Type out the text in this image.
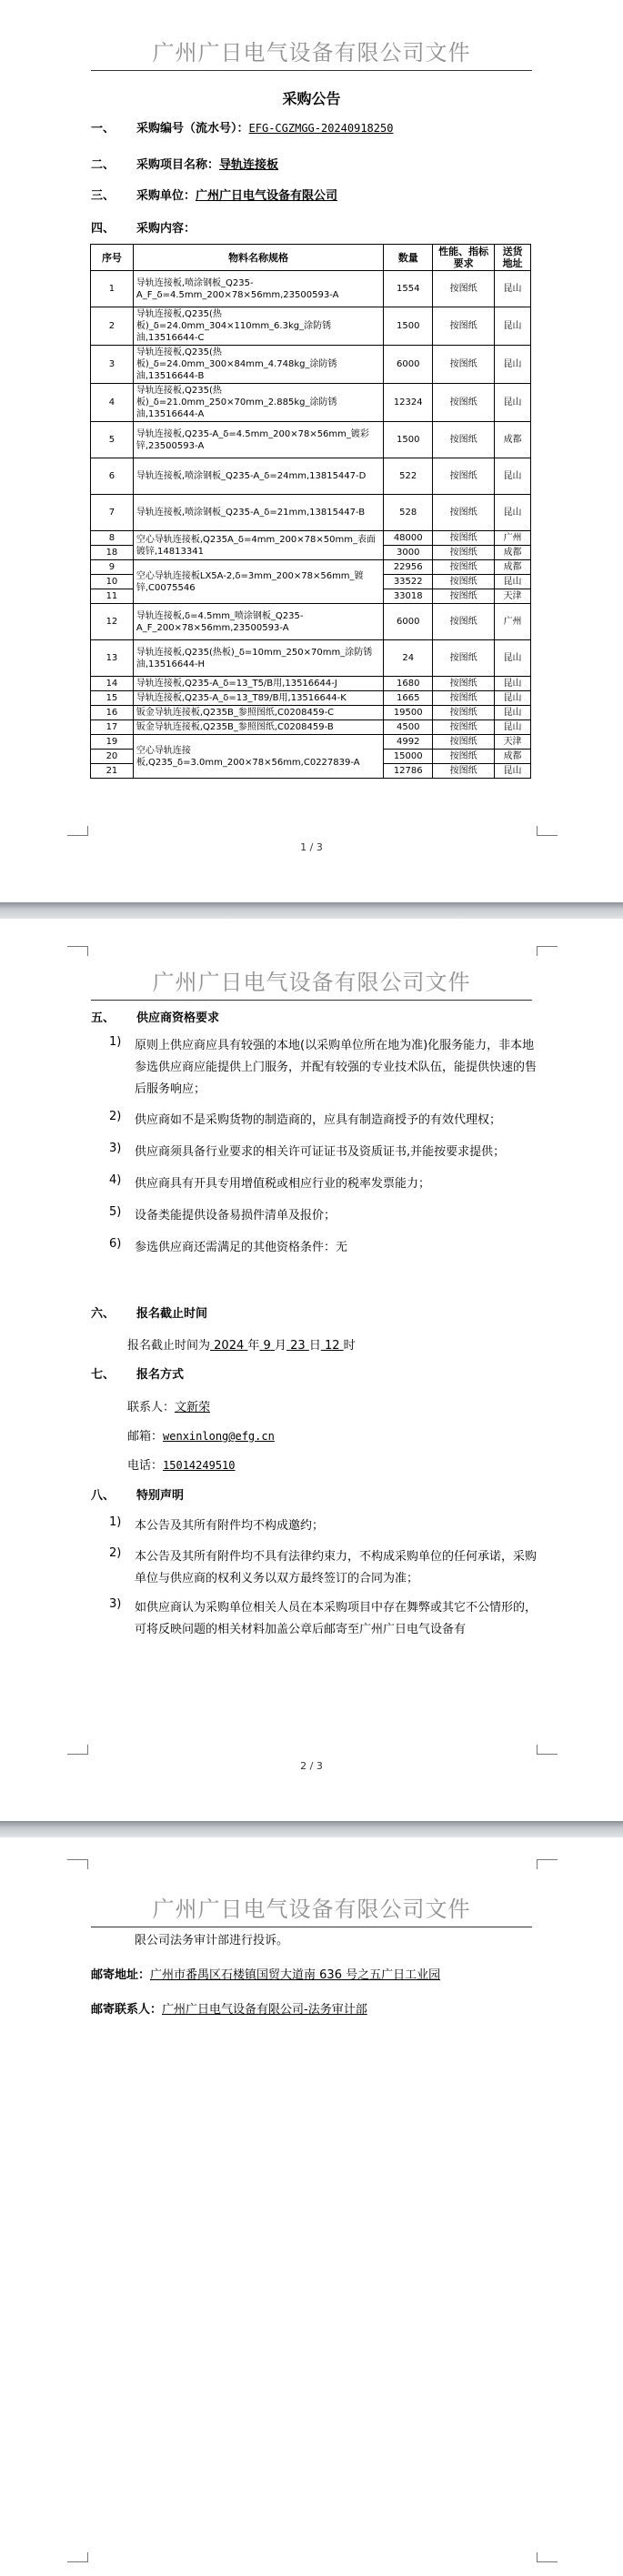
广州广日电气设备有限公司文件
采购公告
一、 采购编号（流水号）：EFG-CGZMGG-20240918250
二、 采购项目名称：导轨连接板
三、 采购单位：广州广日电气设备有限公司
四、 采购内容：
序号	物料名称规格	数量	性能、指标要求	送货地址
1	导轨连接板,喷涂钢板_Q235-A_F_δ=4.5mm_200×78×56mm,23500593-A	1554	按图纸	昆山
2	导轨连接板,Q235(热板)_δ=24.0mm_304×110mm_6.3kg_涂防锈油,13516644-C	1500	按图纸	昆山
3	导轨连接板,Q235(热板)_δ=24.0mm_300×84mm_4.748kg_涂防锈油,13516644-B	6000	按图纸	昆山
4	导轨连接板,Q235(热板)_δ=21.0mm_250×70mm_2.885kg_涂防锈油,13516644-A	12324	按图纸	昆山
5	导轨连接板,Q235-A_δ=4.5mm_200×78×56mm_镀彩锌,23500593-A	1500	按图纸	成都
6	导轨连接板,喷涂钢板_Q235-A_δ=24mm,13815447-D	522	按图纸	昆山
7	导轨连接板,喷涂钢板_Q235-A_δ=21mm,13815447-B	528	按图纸	昆山
8	空心导轨连接板,Q235A_δ=4mm_200×78×50mm_表面镀锌,14813341	48000	按图纸	广州
18		3000	按图纸	成都
9	空心导轨连接板LX5A-2,δ=3mm_200×78×56mm_镀锌,C0075546	22956	按图纸	成都
10		33522	按图纸	昆山
11		33018	按图纸	天津
12	导轨连接板,δ=4.5mm_喷涂钢板_Q235-A_F_200×78×56mm,23500593-A	6000	按图纸	广州
13	导轨连接板,Q235(热板)_δ=10mm_250×70mm_涂防锈油,13516644-H	24	按图纸	昆山
14	导轨连接板,Q235-A_δ=13_T5/B用,13516644-J	1680	按图纸	昆山
15	导轨连接板,Q235-A_δ=13_T89/B用,13516644-K	1665	按图纸	昆山
16	钣金导轨连接板,Q235B_参照图纸,C0208459-C	19500	按图纸	昆山
17	钣金导轨连接板,Q235B_参照图纸,C0208459-B	4500	按图纸	昆山
19	空心导轨连接板,Q235_δ=3.0mm_200×78×56mm,C0227839-A	4992	按图纸	天津
20		15000	按图纸	成都
21		12786	按图纸	昆山
1 / 3
广州广日电气设备有限公司文件
五、 供应商资格要求
1) 原则上供应商应具有较强的本地(以采购单位所在地为准)化服务能力，非本地参选供应商应能提供上门服务，并配有较强的专业技术队伍，能提供快速的售后服务响应；
2) 供应商如不是采购货物的制造商的，应具有制造商授予的有效代理权；
3) 供应商须具备行业要求的相关许可证证书及资质证书,并能按要求提供；
4) 供应商具有开具专用增值税或相应行业的税率发票能力；
5) 设备类能提供设备易损件清单及报价；
6) 参选供应商还需满足的其他资格条件：无
六、 报名截止时间
报名截止时间为 2024 年 9 月 23 日 12 时
七、 报名方式
联系人：文新荣
邮箱：wenxinlong@efg.cn
电话：15014249510
八、 特别声明
1) 本公告及其所有附件均不构成邀约；
2) 本公告及其所有附件均不具有法律约束力，不构成采购单位的任何承诺，采购单位与供应商的权利义务以双方最终签订的合同为准；
3) 如供应商认为采购单位相关人员在本采购项目中存在舞弊或其它不公情形的，可将反映问题的相关材料加盖公章后邮寄至广州广日电气设备有
2 / 3
广州广日电气设备有限公司文件
限公司法务审计部进行投诉。
邮寄地址：广州市番禺区石楼镇国贸大道南 636 号之五广日工业园
邮寄联系人：广州广日电气设备有限公司-法务审计部
